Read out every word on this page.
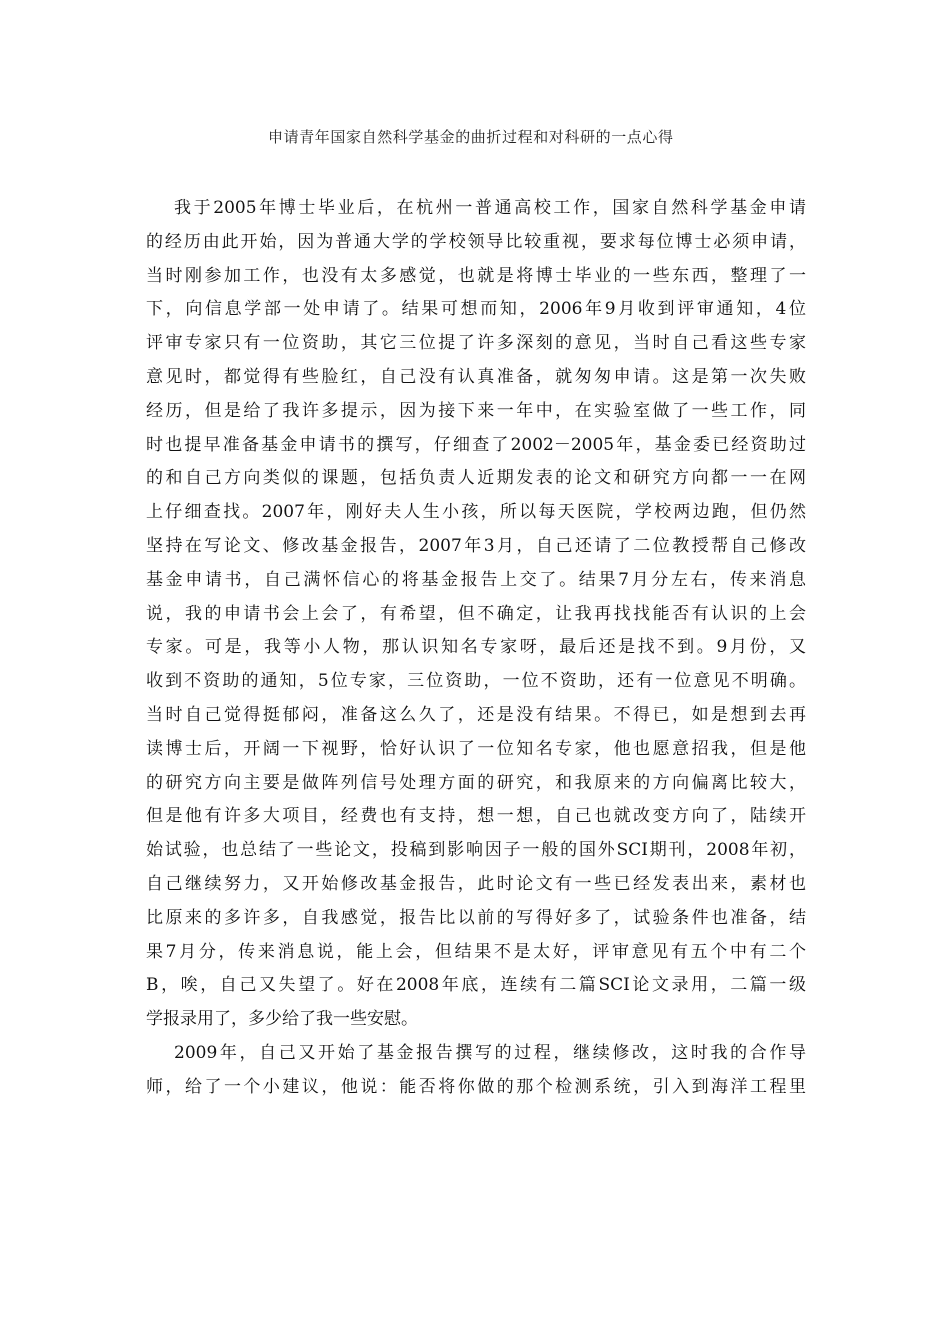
申请青年国家自然科学基金的曲折过程和对科研的一点心得
我于2005年博士毕业后，在杭州一普通高校工作，国家自然科学基金申请
的经历由此开始，因为普通大学的学校领导比较重视，要求每位博士必须申请，
当时刚参加工作，也没有太多感觉，也就是将博士毕业的一些东西，整理了一
下，向信息学部一处申请了。结果可想而知，2006年9月收到评审通知，4位
评审专家只有一位资助，其它三位提了许多深刻的意见，当时自己看这些专家
意见时，都觉得有些脸红，自己没有认真准备，就匆匆申请。这是第一次失败
经历，但是给了我许多提示，因为接下来一年中，在实验室做了一些工作，同
时也提早准备基金申请书的撰写，仔细查了2002－2005年，基金委已经资助过
的和自己方向类似的课题，包括负责人近期发表的论文和研究方向都一一在网
上仔细查找。2007年，刚好夫人生小孩，所以每天医院，学校两边跑，但仍然
坚持在写论文、修改基金报告，2007年3月，自己还请了二位教授帮自己修改
基金申请书，自己满怀信心的将基金报告上交了。结果7月分左右，传来消息
说，我的申请书会上会了，有希望，但不确定，让我再找找能否有认识的上会
专家。可是，我等小人物，那认识知名专家呀，最后还是找不到。9月份，又
收到不资助的通知，5位专家，三位资助，一位不资助，还有一位意见不明确。
当时自己觉得挺郁闷，准备这么久了，还是没有结果。不得已，如是想到去再
读博士后，开阔一下视野，恰好认识了一位知名专家，他也愿意招我，但是他
的研究方向主要是做阵列信号处理方面的研究，和我原来的方向偏离比较大，
但是他有许多大项目，经费也有支持，想一想，自己也就改变方向了，陆续开
始试验，也总结了一些论文，投稿到影响因子一般的国外SCI期刊，2008年初，
自己继续努力，又开始修改基金报告，此时论文有一些已经发表出来，素材也
比原来的多许多，自我感觉，报告比以前的写得好多了，试验条件也准备，结
果7月分，传来消息说，能上会，但结果不是太好，评审意见有五个中有二个
B，唉，自己又失望了。好在2008年底，连续有二篇SCI论文录用，二篇一级
学报录用了，多少给了我一些安慰。
2009年，自己又开始了基金报告撰写的过程，继续修改，这时我的合作导
师，给了一个小建议，他说：能否将你做的那个检测系统，引入到海洋工程里
